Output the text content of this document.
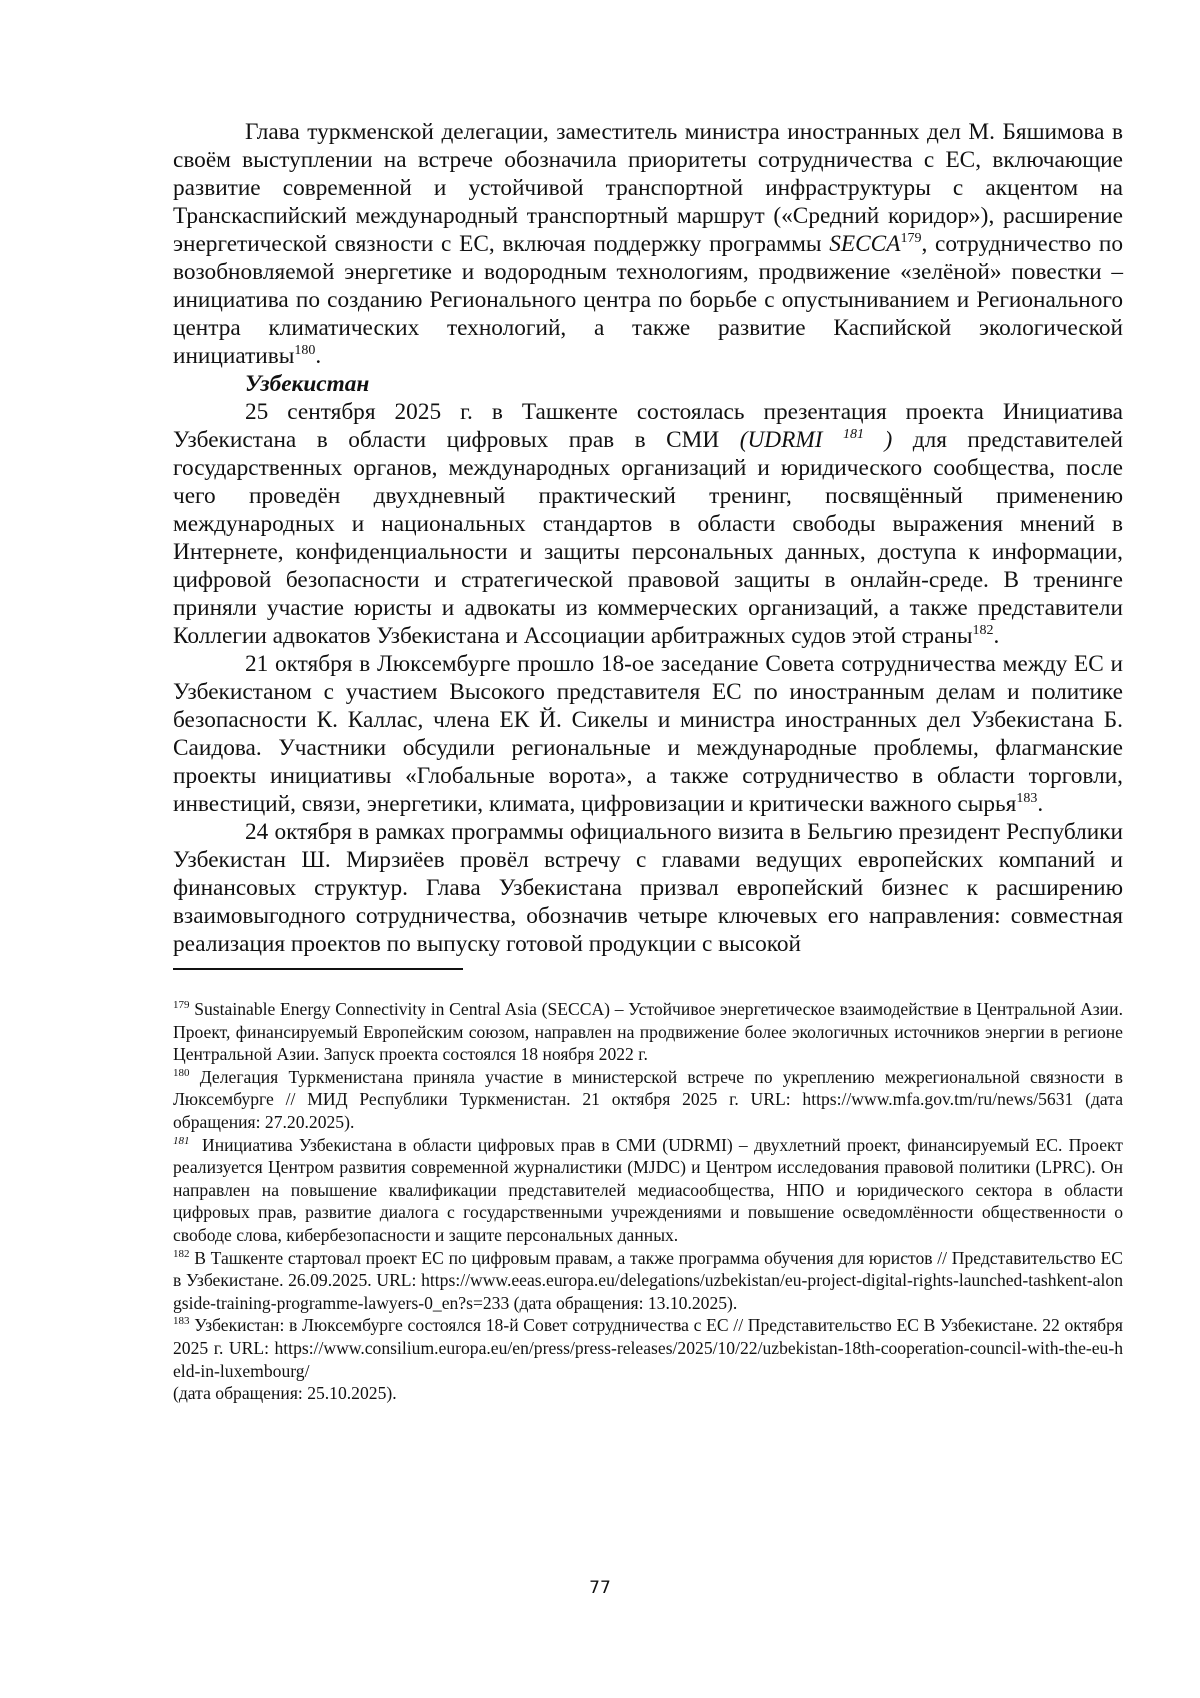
Глава туркменской делегации, заместитель министра иностранных дел М. Бяшимова в своём выступлении на встрече обозначила приоритеты сотрудничества с ЕС, включающие развитие современной и устойчивой транспортной инфраструктуры с акцентом на Транскаспийский международный транспортный маршрут («Средний коридор»), расширение энергетической связности с ЕС, включая поддержку программы SECCA$^{179}$, сотрудничество по возобновляемой энергетике и водородным технологиям, продвижение «зелёной» повестки – инициатива по созданию Регионального центра по борьбе с опустыниванием и Регионального центра климатических технологий, а также развитие Каспийской экологической инициативы$^{180}$.

Узбекистан

25 сентября 2025 г. в Ташкенте состоялась презентация проекта Инициатива Узбекистана в области цифровых прав в СМИ (UDRMI $^{181}$ ) для представителей государственных органов, международных организаций и юридического сообщества, после чего проведён двухдневный практический тренинг, посвящённый применению международных и национальных стандартов в области свободы выражения мнений в Интернете, конфиденциальности и защиты персональных данных, доступа к информации, цифровой безопасности и стратегической правовой защиты в онлайн-среде. В тренинге приняли участие юристы и адвокаты из коммерческих организаций, а также представители Коллегии адвокатов Узбекистана и Ассоциации арбитражных судов этой страны$^{182}$.

21 октября в Люксембурге прошло 18-ое заседание Совета сотрудничества между ЕС и Узбекистаном с участием Высокого представителя ЕС по иностранным делам и политике безопасности К. Каллас, члена ЕК Й. Сикелы и министра иностранных дел Узбекистана Б. Саидова. Участники обсудили региональные и международные проблемы, флагманские проекты инициативы «Глобальные ворота», а также сотрудничество в области торговли, инвестиций, связи, энергетики, климата, цифровизации и критически важного сырья$^{183}$.

24 октября в рамках программы официального визита в Бельгию президент Республики Узбекистан Ш. Мирзиёев провёл встречу с главами ведущих европейских компаний и финансовых структур. Глава Узбекистана призвал европейский бизнес к расширению взаимовыгодного сотрудничества, обозначив четыре ключевых его направления: совместная реализация проектов по выпуску готовой продукции с высокой

$^{179}$ Sustainable Energy Connectivity in Central Asia (SECCA) – Устойчивое энергетическое взаимодействие в Центральной Азии. Проект, финансируемый Европейским союзом, направлен на продвижение более экологичных источников энергии в регионе Центральной Азии. Запуск проекта состоялся 18 ноября 2022 г.

$^{180}$ Делегация Туркменистана приняла участие в министерской встрече по укреплению межрегиональной связности в Люксембурге // МИД Республики Туркменистан. 21 октября 2025 г. URL: https://www.mfa.gov.tm/ru/news/5631 (дата обращения: 27.20.2025).

$^{181}$ Инициатива Узбекистана в области цифровых прав в СМИ (UDRMI) – двухлетний проект, финансируемый ЕС. Проект реализуется Центром развития современной журналистики (MJDC) и Центром исследования правовой политики (LPRC). Он направлен на повышение квалификации представителей медиасообщества, НПО и юридического сектора в области цифровых прав, развитие диалога с государственными учреждениями и повышение осведомлённости общественности о свободе слова, кибербезопасности и защите персональных данных.

$^{182}$ В Ташкенте стартовал проект ЕС по цифровым правам, а также программа обучения для юристов // Представительство ЕС в Узбекистане. 26.09.2025. URL: https://www.eeas.europa.eu/delegations/uzbekistan/eu-project-digital-rights-launched-tashkent-alongside-training-programme-lawyers-0_en?s=233 (дата обращения: 13.10.2025).

$^{183}$ Узбекистан: в Люксембурге состоялся 18-й Совет сотрудничества с ЕС // Представительство ЕС В Узбекистане. 22 октября 2025 г. URL: https://www.consilium.europa.eu/en/press/press-releases/2025/10/22/uzbekistan-18th-cooperation-council-with-the-eu-held-in-luxembourg/
(дата обращения: 25.10.2025).

77
